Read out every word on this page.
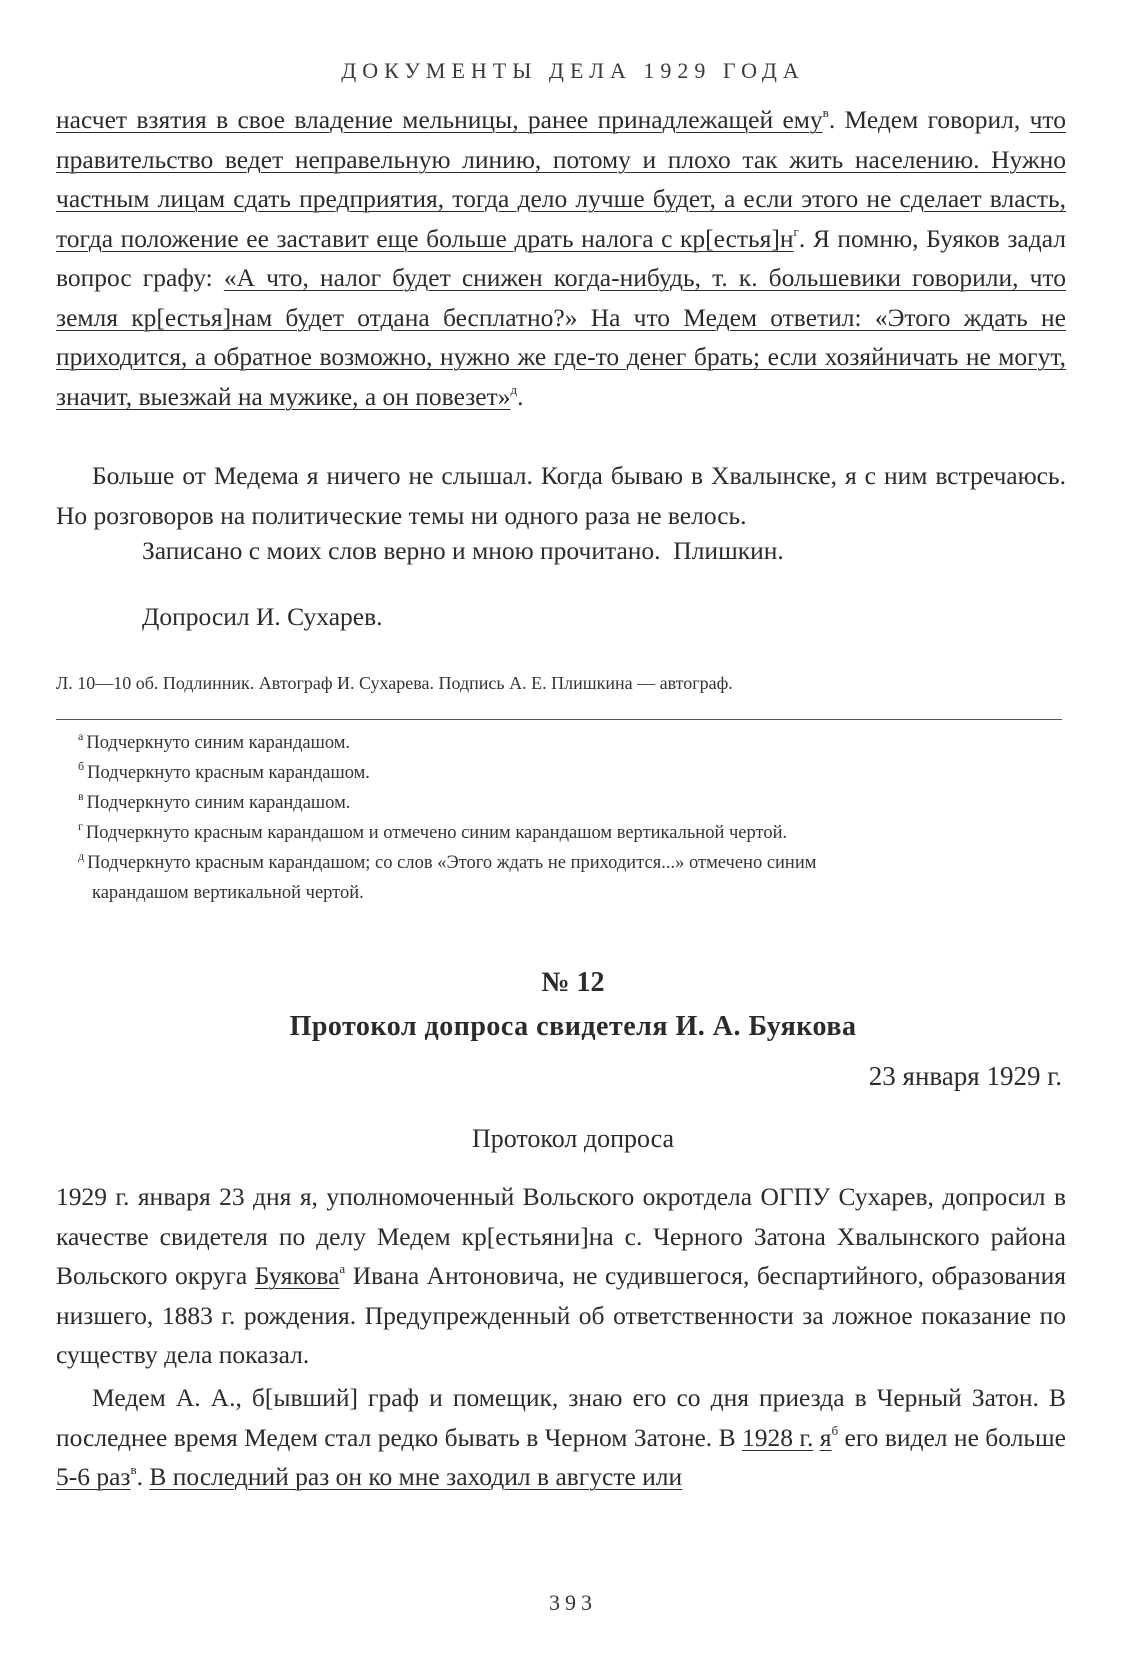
ДОКУМЕНТЫ ДЕЛА 1929 ГОДА

насчет взятия в свое владение мельницы, ранее принадлежащей ему$^в$. Медем говорил, что правительство ведет неправельную линию, потому и плохо так жить населению. Нужно частным лицам сдать предприятия, тогда дело лучше будет, а если этого не сделает власть, тогда положение ее заставит еще больше драть налога с $кр[естья]н^г$. Я помню, Буяков задал вопрос графу: «А что, налог будет снижен когда-нибудь, т. к. большевики говорили, что земля кр[естья]нам будет отдана бесплатно?» На что Медем ответил: «Этого ждать не приходится, а обратное возможно, нужно же где-то денег брать; если хозяйничать не могут, значит, выезжай на мужике, а он повезет»$^д$.

Больше от Медема я ничего не слышал. Когда бываю в Хвалынске, я с ним встречаюсь. Но розговоров на политические темы ни одного раза не велось.

Записано с моих слов верно и мною прочитано. Плишкин.
Допросил И. Сухарев.
Л. 10—10 об. Подлинник. Автограф И. Сухарева. Подпись А. Е. Плишкина — автограф.
$^а$ Подчеркнуто синим карандашом.
$^б$ Подчеркнуто красным карандашом.
$^в$ Подчеркнуто синим карандашом.
$^г$ Подчеркнуто красным карандашом и отмечено синим карандашом вертикальной чертой.
$^д$ Подчеркнуто красным карандашом; со слов «Этого ждать не приходится...» отмечено синим
карандашом вертикальной чертой.
№ 12
Протокол допроса свидетеля И. А. Буякова
23 января 1929 г.
Протокол допроса

1929 г. января 23 дня я, уполномоченный Вольского окротдела ОГПУ Сухарев, допросил в качестве свидетеля по делу Медем кр[естьяни]на с. Черного Затона Хвалынского района Вольского округа Буякова$^а$ Ивана Антоновича, не судившегося, беспартийного, образования низшего, 1883 г. рождения. Предупрежденный об ответственности за ложное показание по существу дела показал.

Медем А. А., б[ывший] граф и помещик, знаю его со дня приезда в Черный Затон. В последнее время Медем стал редко бывать в Черном Затоне. В 1928 г. $я^б$ его видел не больше 5-6 раз$^в$. В последний раз он ко мне заходил в августе или

393
